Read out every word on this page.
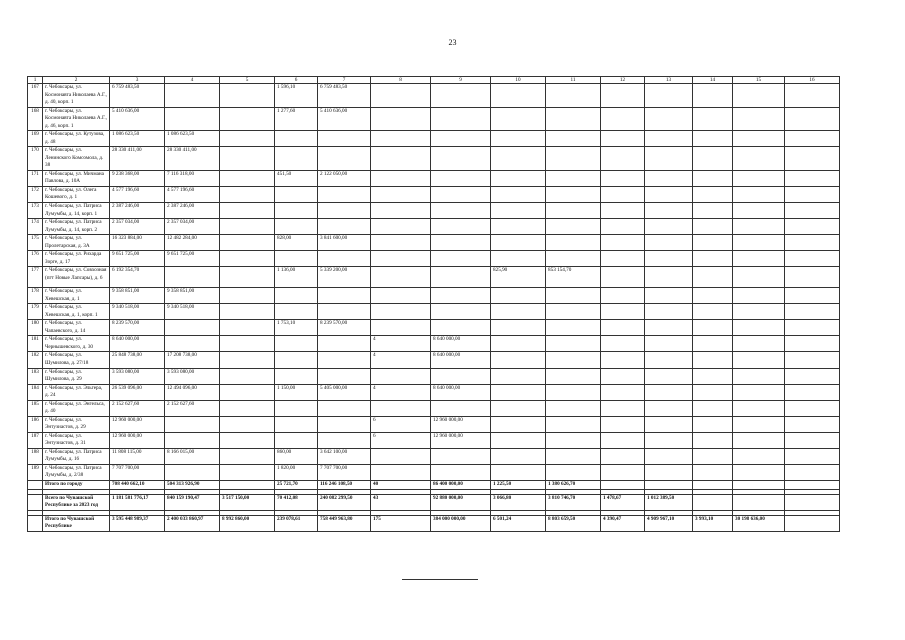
23
1	2	3	4	5	6	7	8	9	10	11	12	13	14	15	16
167	г. Чебоксары, ул. Космонавта Николаева А.Г., д. 40, корп. 1	6 759 483,50			1 596,10	6 759 483,50									
168	г. Чебоксары, ул. Космонавта Николаева А.Г., д. 46, корп. 1	5 410 636,00			1 277,60	5 410 636,00									
169	г. Чебоксары, ул. Кутузова, д. 48	1 086 623,50	1 086 623,50												
170	г. Чебоксары, ул. Ленинского Комсомола, д. 38	28 330 411,00	28 330 411,00												
171	г. Чебоксары, ул. Мичмана Павлова, д. 10А	9 238 368,00	7 116 318,00		451,50	2 122 050,00									
172	г. Чебоксары, ул. Олега Кошевого, д. 1	4 577 196,60	4 577 196,60												
173	г. Чебоксары, ул. Патриса Лумумбы, д. 14, корп. 1	2 387 246,00	2 387 246,00												
174	г. Чебоксары, ул. Патриса Лумумбы, д. 14, корп. 2	2 357 034,00	2 357 034,00												
175	г. Чебоксары, ул. Пролетарская, д. 3А	16 323 884,00	12 482 284,00		828,00	3 841 600,00									
176	г. Чебоксары, ул. Рихарда Зорге, д. 17	9 651 725,00	9 651 725,00												
177	г. Чебоксары, ул. Совхозная (пгт Новые Лапсары), д. 6	6 192 354,70			1 136,00	5 339 200,00			825,90	853 154,70					
178	г. Чебоксары, ул. Хевешская, д. 1	9 358 851,00	9 358 851,00												
179	г. Чебоксары, ул. Хевешская, д. 1, корп. 1	9 340 518,00	9 340 518,00												
180	г. Чебоксары, ул. Чапаевского, д. 14	8 239 570,00			1 753,10	8 239 570,00									
181	г. Чебоксары, ул. Чернышевского, д. 30	8 640 000,00					4	8 640 000,00							
182	г. Чебоксары, ул. Шумилова, д. 27/18	25 848 738,00	17 208 738,00				4	8 640 000,00							
183	г. Чебоксары, ул. Шумилова, д. 29	3 593 080,00	3 593 080,00												
184	г. Чебоксары, ул. Эльгера, д. 24	26 539 096,00	12 494 096,00		1 150,00	5 405 000,00	4	8 640 000,00							
185	г. Чебоксары, ул. Энгельса, д. 40	2 152 627,60	2 152 627,60												
186	г. Чебоксары, ул. Энтузиастов, д. 29	12 960 000,00					6	12 960 000,00							
187	г. Чебоксары, ул. Энтузиастов, д. 31	12 960 000,00					6	12 960 000,00							
188	г. Чебоксары, ул. Патриса Лумумбы, д. 16	11 808 115,00	8 166 015,00		860,00	3 642 100,00									
189	г. Чебоксары, ул. Патриса Лумумбы, д. 2/38	7 707 700,00			1 820,00	7 707 700,00									
	Итого по городу	708 440 662,10	504 313 926,90		25 721,70	116 246 108,50	40	86 400 000,00	1 225,50	1 380 626,70					

	Всего по Чувашской Республике за 2023 год	1 181 581 776,17	840 159 190,47	3 517 150,00	70 412,08	240 082 299,50	43	92 880 000,00	3 066,80	3 810 746,70	1 478,67	1 012 389,50			

	Итого по Чувашской Республике	3 595 448 989,37	2 400 033 860,97	8 992 860,00	239 078,61	758 449 963,80	175	384 000 000,00	6 501,24	8 803 659,50	4 390,47	4 909 967,10	3 993,10	30 198 636,00	
